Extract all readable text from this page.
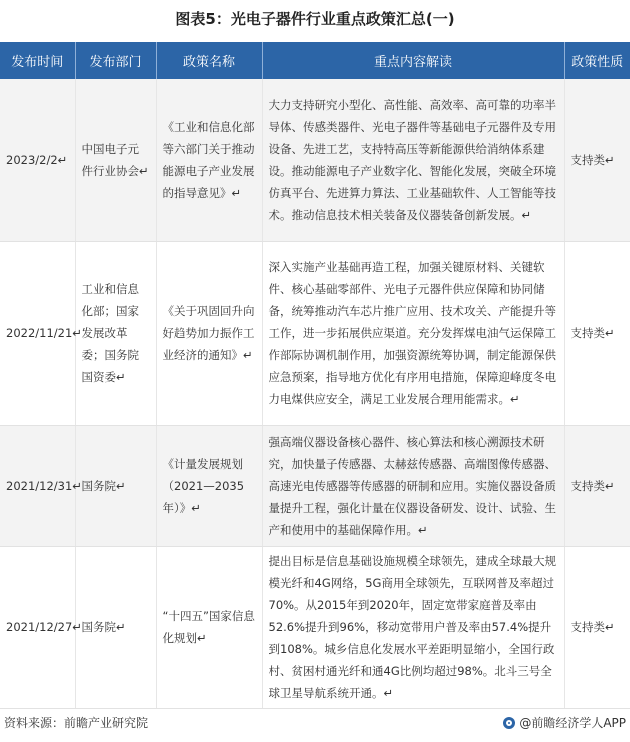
图表5：光电子器件行业重点政策汇总(一)
发布时间	发布部门	政策名称	重点内容解读	政策性质
2023/2/2↵	中国电子元件行业协会↵	《工业和信息化部等六部门关于推动能源电子产业发展的指导意见》↵	大力支持研究小型化、高性能、高效率、高可靠的功率半导体、传感类器件、光电子器件等基础电子元器件及专用设备、先进工艺，支持特高压等新能源供给消纳体系建设。推动能源电子产业数字化、智能化发展，突破全环境仿真平台、先进算力算法、工业基础软件、人工智能等技术。推动信息技术相关装备及仪器装备创新发展。↵	支持类↵
2022/11/21↵	工业和信息化部；国家发展改革委；国务院国资委↵	《关于巩固回升向好趋势加力振作工业经济的通知》↵	深入实施产业基础再造工程，加强关键原材料、关键软件、核心基础零部件、光电子元器件供应保障和协同储备，统筹推动汽车芯片推广应用、技术攻关、产能提升等工作，进一步拓展供应渠道。充分发挥煤电油气运保障工作部际协调机制作用，加强资源统筹协调，制定能源保供应急预案，指导地方优化有序用电措施，保障迎峰度冬电力电煤供应安全，满足工业发展合理用能需求。↵	支持类↵
2021/12/31↵	国务院↵	《计量发展规划（2021—2035年）》↵	强高端仪器设备核心器件、核心算法和核心溯源技术研究，加快量子传感器、太赫兹传感器、高端图像传感器、高速光电传感器等传感器的研制和应用。实施仪器设备质量提升工程，强化计量在仪器设备研发、设计、试验、生产和使用中的基础保障作用。↵	支持类↵
2021/12/27↵	国务院↵	“十四五”国家信息化规划↵	提出目标是信息基础设施规模全球领先，建成全球最大规模光纤和4G网络，5G商用全球领先，互联网普及率超过70%。从2015年到2020年，固定宽带家庭普及率由52.6%提升到96%，移动宽带用户普及率由57.4%提升到108%。城乡信息化发展水平差距明显缩小，全国行政村、贫困村通光纤和通4G比例均超过98%。北斗三号全球卫星导航系统开通。↵	支持类↵
资料来源：前瞻产业研究院	@前瞻经济学人APP
